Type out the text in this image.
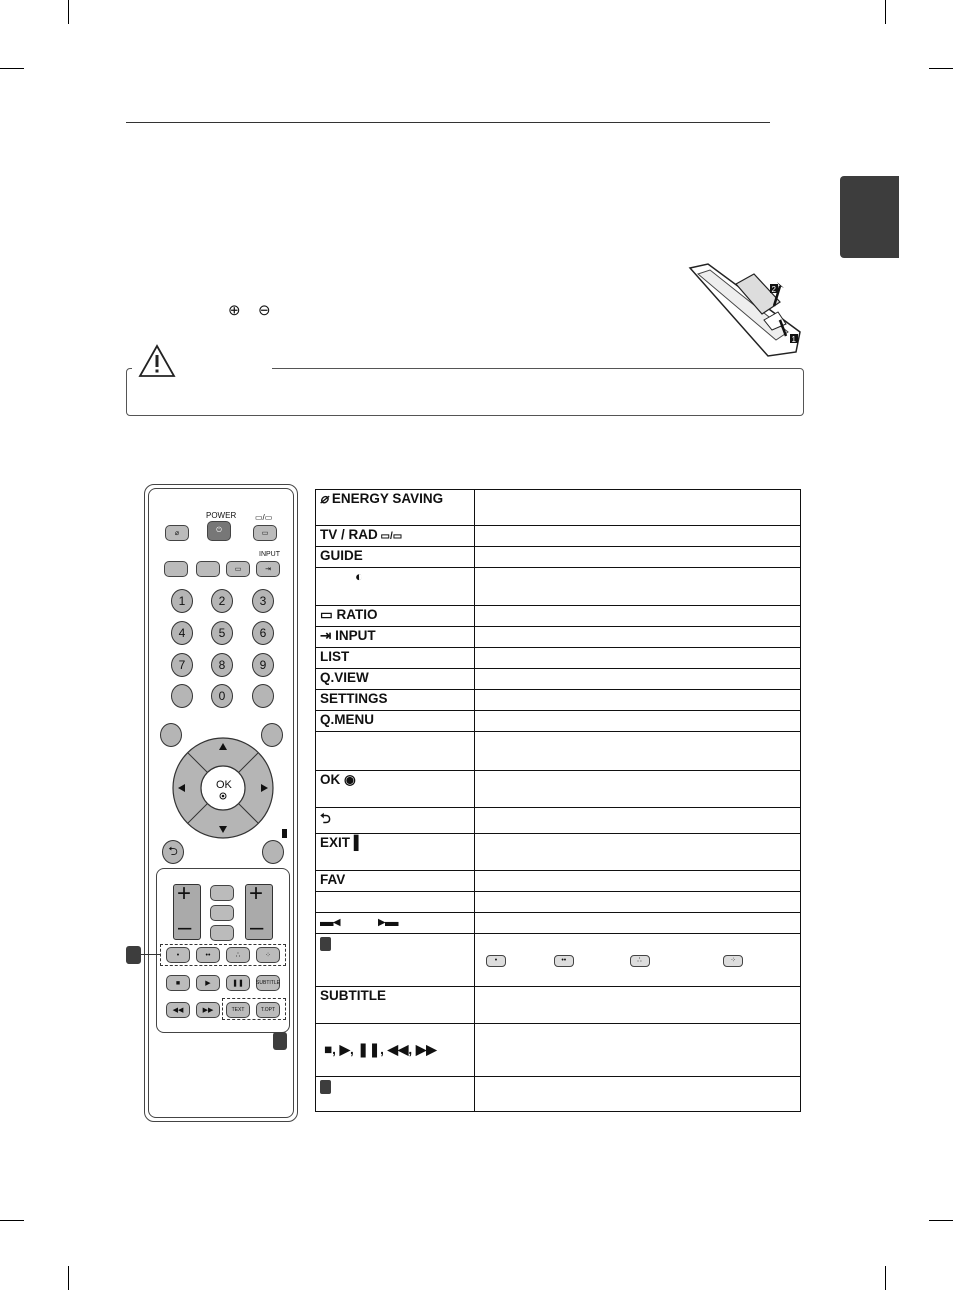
⊕ ⊖
2
1
POWER
⌀	⏻	▭
▭/▭
INPUT
▭	⇥
1	2	3
4	5	6
7	8	9
0
OK
⮌
+
–
+
–
•	••	∴	⁘
■	▶	❚❚	SUBTITLE
◀◀	▶▶	TEXT	T.OPT
⌀ ENERGY SAVING	
TV / RAD ▭/▭	
GUIDE	
◐	
▭ RATIO	
⇥ INPUT	
LIST	
Q.VIEW	
SETTINGS	
Q.MENU	

OK ◉	
⮌	
EXIT ▌	
FAV	

▬◂ ▸▬	

	• •• ∴ ⁘

SUBTITLE	
■, ▶, ❚❚, ◀◀, ▶▶	
